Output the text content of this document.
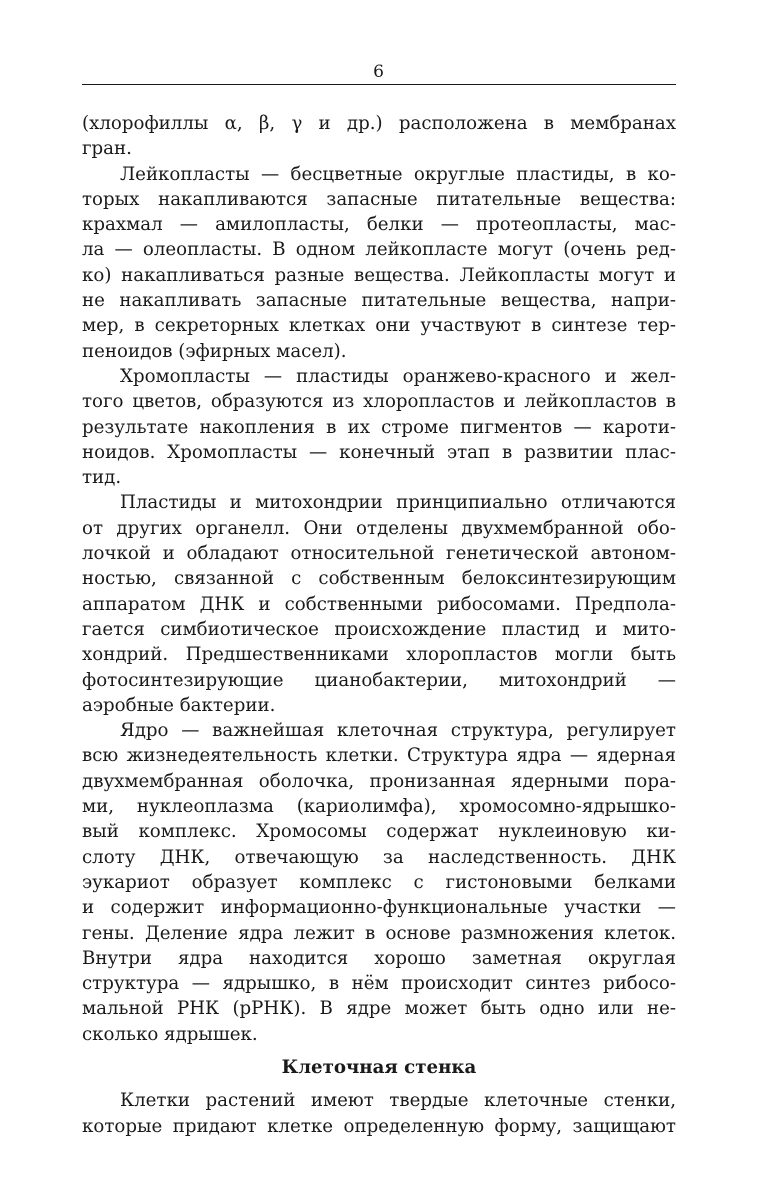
6
(хлорофиллы α, β, γ и др.) расположена в мембранах
гран.
Лейкопласты — бесцветные округлые пластиды, в ко-
торых накапливаются запасные питательные вещества:
крахмал — амилопласты, белки — протеопласты, мас-
ла — олеопласты. В одном лейкопласте могут (очень ред-
ко) накапливаться разные вещества. Лейкопласты могут и
не накапливать запасные питательные вещества, напри-
мер, в секреторных клетках они участвуют в синтезе тер-
пеноидов (эфирных масел).
Хромопласты — пластиды оранжево-красного и жел-
того цветов, образуются из хлоропластов и лейкопластов в
результате накопления в их строме пигментов — кароти-
ноидов. Хромопласты — конечный этап в развитии плас-
тид.
Пластиды и митохондрии принципиально отличаются
от других органелл. Они отделены двухмембранной обо-
лочкой и обладают относительной генетической автоном-
ностью, связанной с собственным белоксинтезирующим
аппаратом ДНК и собственными рибосомами. Предпола-
гается симбиотическое происхождение пластид и мито-
хондрий. Предшественниками хлоропластов могли быть
фотосинтезирующие цианобактерии, митохондрий —
аэробные бактерии.
Ядро — важнейшая клеточная структура, регулирует
всю жизнедеятельность клетки. Структура ядра — ядерная
двухмембранная оболочка, пронизанная ядерными пора-
ми, нуклеоплазма (кариолимфа), хромосомно-ядрышко-
вый комплекс. Хромосомы содержат нуклеиновую ки-
слоту ДНК, отвечающую за наследственность. ДНК
эукариот образует комплекс с гистоновыми белками
и содержит информационно-функциональные участки —
гены. Деление ядра лежит в основе размножения клеток.
Внутри ядра находится хорошо заметная округлая
структура — ядрышко, в нём происходит синтез рибосо-
мальной РНК (рРНК). В ядре может быть одно или не-
сколько ядрышек.
Клеточная стенка
Клетки растений имеют твердые клеточные стенки,
которые придают клетке определенную форму, защищают
